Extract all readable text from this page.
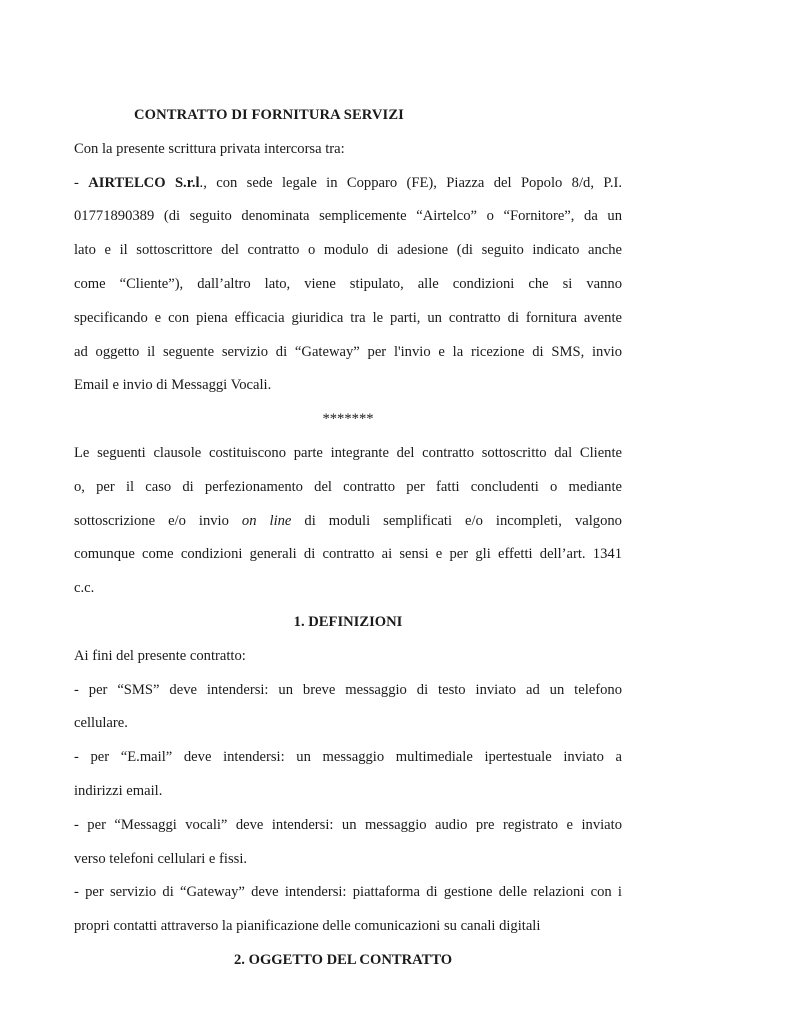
CONTRATTO DI FORNITURA SERVIZI
Con la presente scrittura privata intercorsa tra:
- AIRTELCO S.r.l., con sede legale in Copparo (FE), Piazza del Popolo 8/d, P.I.
01771890389 (di seguito denominata semplicemente “Airtelco” o “Fornitore”, da un
lato e il sottoscrittore del contratto o modulo di adesione (di seguito indicato anche
come “Cliente”), dall’altro lato, viene stipulato, alle condizioni che si vanno
specificando e con piena efficacia giuridica tra le parti, un contratto di fornitura avente
ad oggetto il seguente servizio di “Gateway” per l'invio e la ricezione di SMS, invio
Email e invio di Messaggi Vocali.
*******
Le seguenti clausole costituiscono parte integrante del contratto sottoscritto dal Cliente
o, per il caso di perfezionamento del contratto per fatti concludenti o mediante
sottoscrizione e/o invio on line di moduli semplificati e/o incompleti, valgono
comunque come condizioni generali di contratto ai sensi e per gli effetti dell’art. 1341
c.c.
1. DEFINIZIONI
Ai fini del presente contratto:
- per “SMS” deve intendersi: un breve messaggio di testo inviato ad un telefono
cellulare.
- per “E.mail” deve intendersi: un messaggio multimediale ipertestuale inviato a
indirizzi email.
- per “Messaggi vocali” deve intendersi: un messaggio audio pre registrato e inviato
verso telefoni cellulari e fissi.
- per servizio di “Gateway” deve intendersi: piattaforma di gestione delle relazioni con i
propri contatti attraverso la pianificazione delle comunicazioni su canali digitali
2. OGGETTO DEL CONTRATTO
